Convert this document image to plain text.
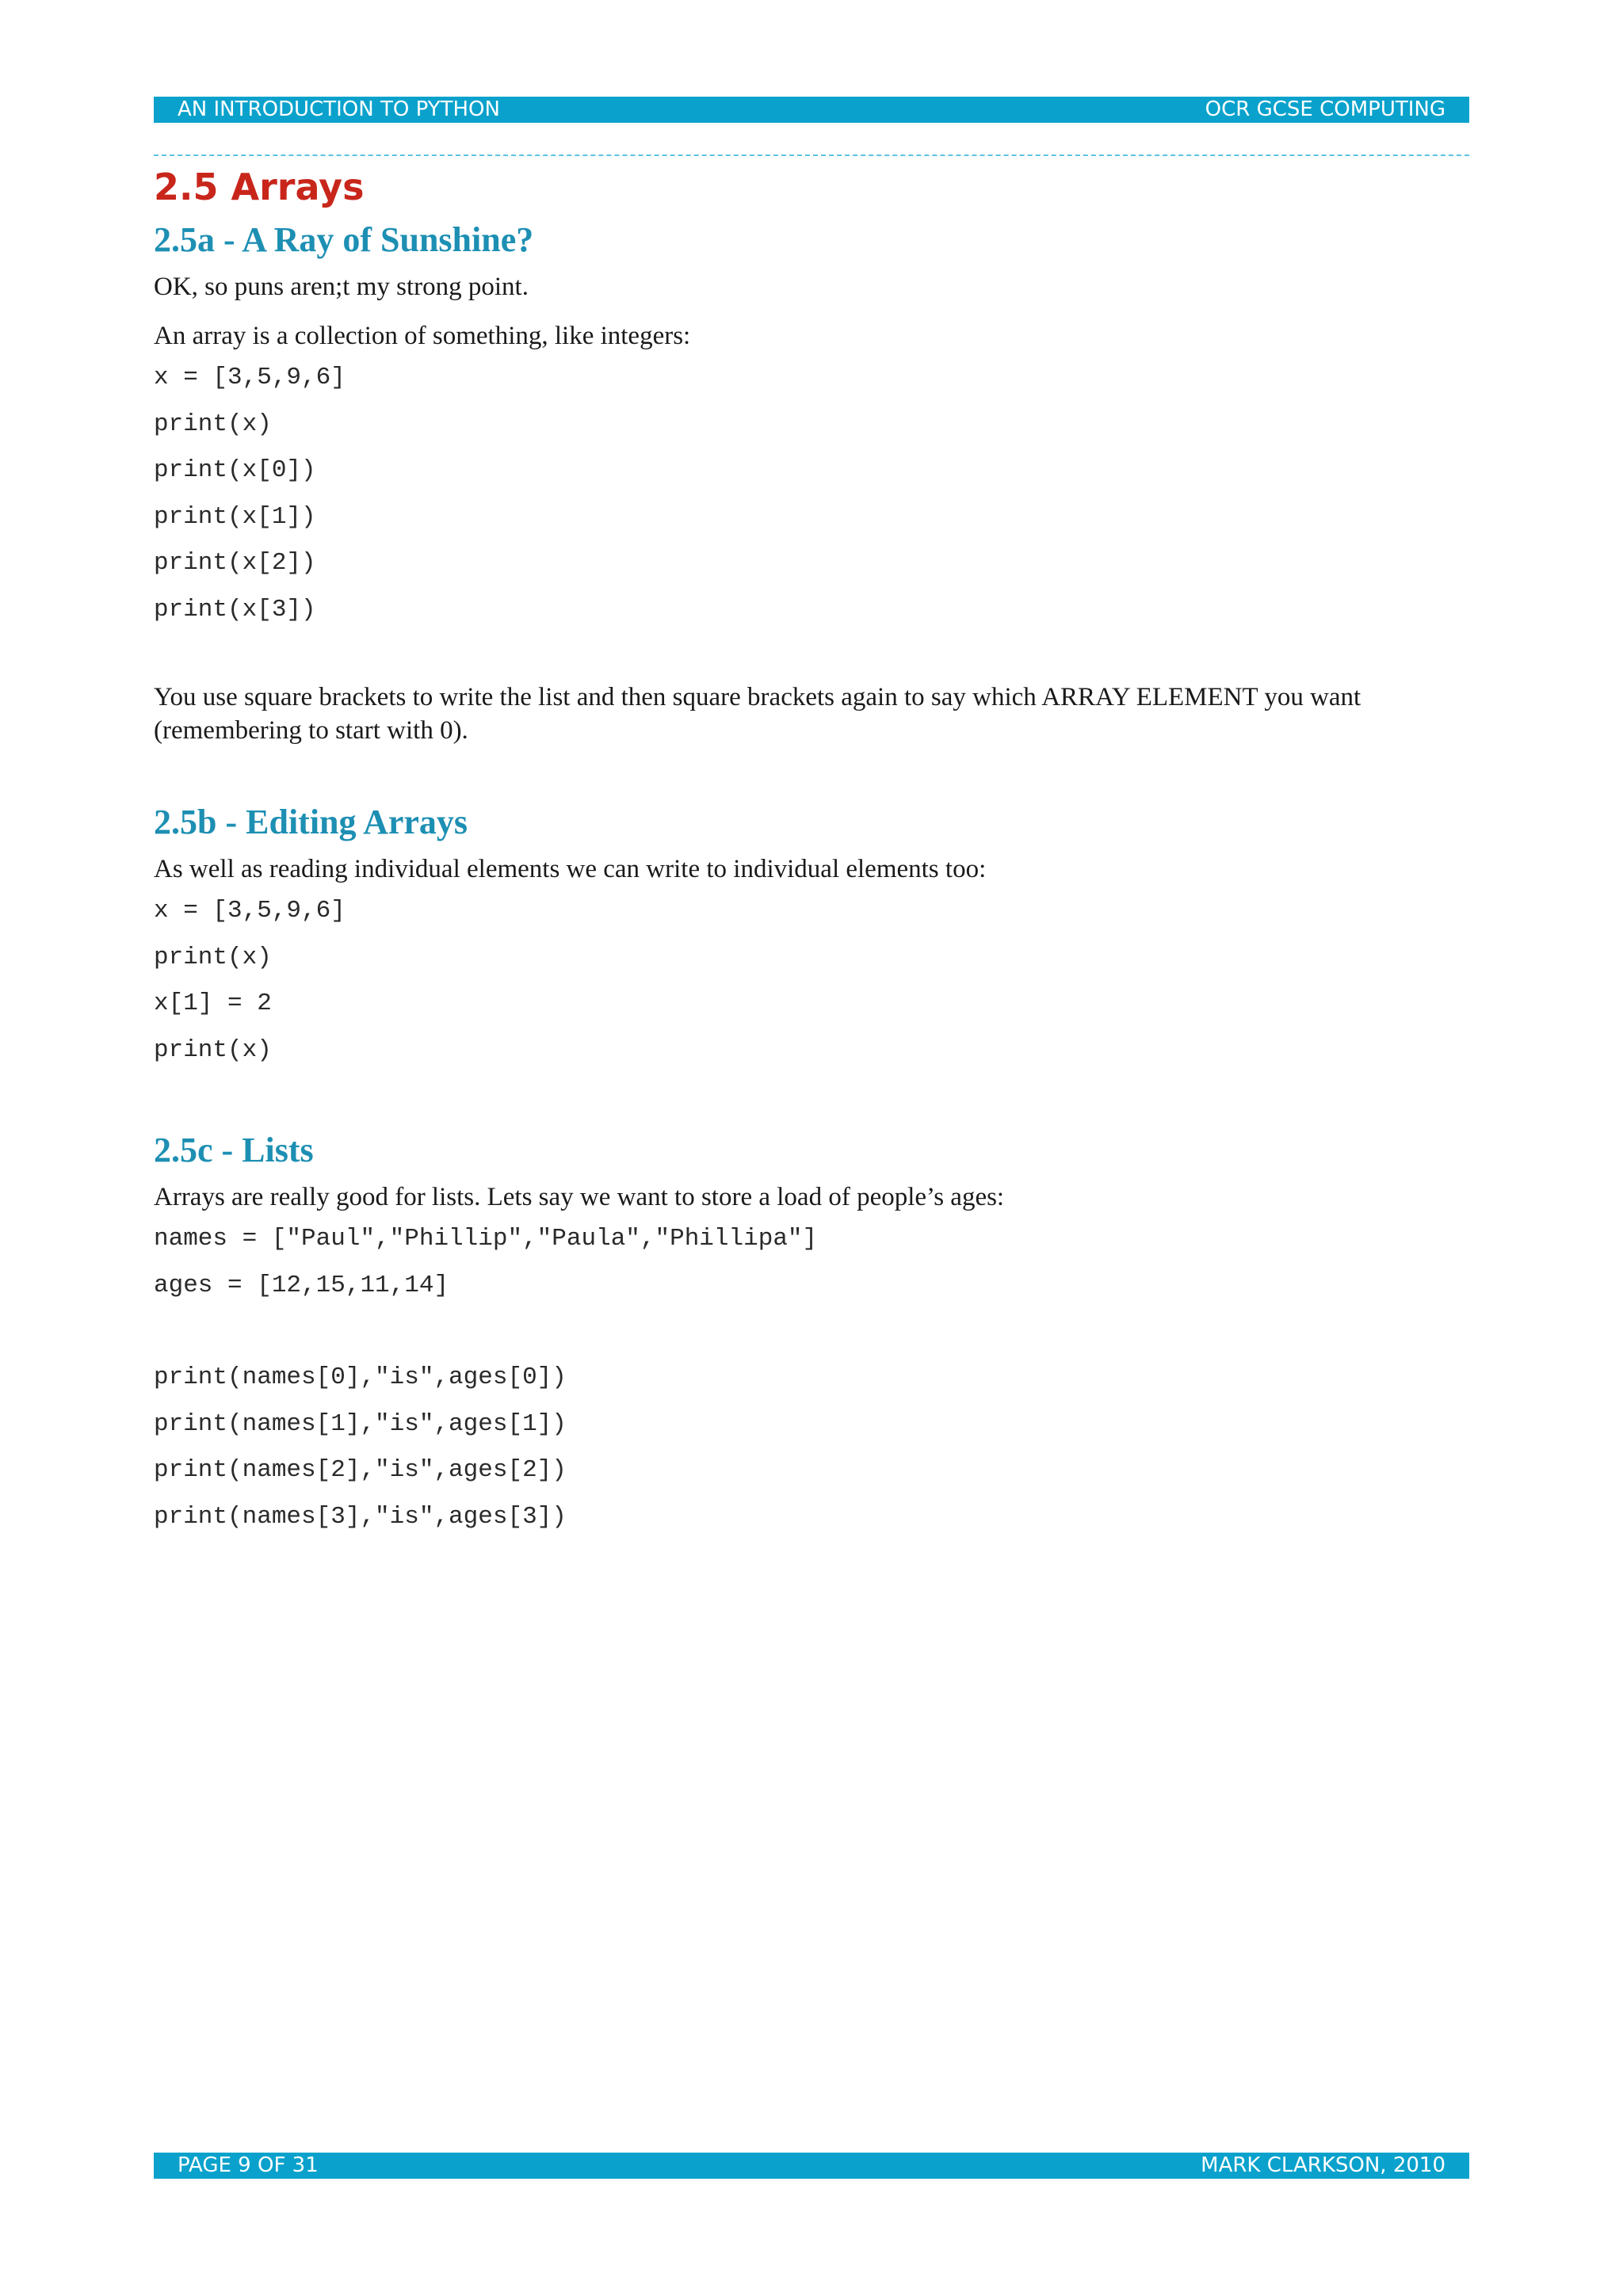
AN INTRODUCTION TO PYTHON	OCR GCSE COMPUTING
2.5 Arrays
2.5a - A Ray of Sunshine?

OK, so puns aren;t my strong point.

An array is a collection of something, like integers:

x = [3,5,9,6]
print(x)
print(x[0])
print(x[1])
print(x[2])
print(x[3])

You use square brackets to write the list and then square brackets again to say which ARRAY ELEMENT you want (remembering to start with 0).

2.5b - Editing Arrays

As well as reading individual elements we can write to individual elements too:

x = [3,5,9,6]
print(x)
x[1] = 2
print(x)
2.5c - Lists

Arrays are really good for lists. Lets say we want to store a load of people’s ages:

names = ["Paul","Phillip","Paula","Phillipa"]
ages = [12,15,11,14]
print(names[0],"is",ages[0])
print(names[1],"is",ages[1])
print(names[2],"is",ages[2])
print(names[3],"is",ages[3])
PAGE 9 OF 31	MARK CLARKSON, 2010
